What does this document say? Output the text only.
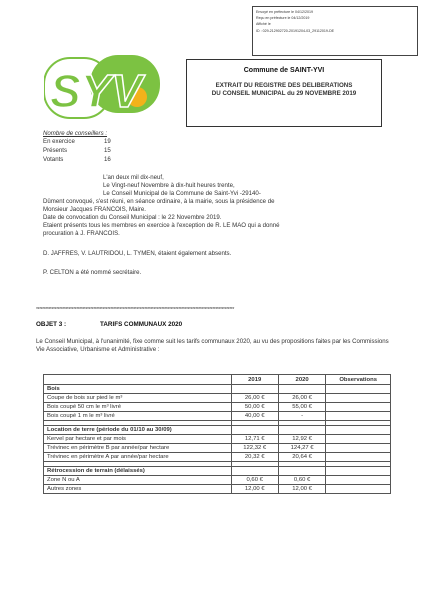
Envoyé en préfecture le 04/12/2019
Reçu en préfecture le 04/12/2019
Affiché le
ID : 029-212902720-20191204-03_29112019-DE
SYV	Commune de SAINT-YVI
EXTRAIT DU REGISTRE DES DELIBERATIONS
DU CONSEIL MUNICIPAL du 29 NOVEMBRE 2019
Nombre de conseillers :
En exercice	19
Présents	15
Votants	16
L'an deux mil dix-neuf,
Le Vingt-neuf Novembre à dix-huit heures trente,
Le Conseil Municipal de la Commune de Saint-Yvi -29140-
Dûment convoqué, s'est réuni, en séance ordinaire, à la mairie, sous la présidence de
Monsieur Jacques FRANCOIS, Maire.
Date de convocation du Conseil Municipal : le 22 Novembre 2019.
Etaient présents tous les membres en exercice à l'exception de R. LE MAO qui a donné
procuration à J. FRANCOIS.
D. JAFFRES, V. LAUTRIDOU, L. TYMEN, étaient également absents.
P. CELTON a été nommé secrétaire.
********************************************************************************************************************************
OBJET 3 :	TARIFS COMMUNAUX 2020
Le Conseil Municipal, à l'unanimité, fixe comme suit les tarifs communaux 2020, au vu des propositions faites par les Commissions Vie Associative, Urbanisme et Administrative :
	2019	2020	Observations
Bois			
Coupe de bois sur pied le m³	26,00 €	26,00 €	
Bois coupé 50 cm le m³ livré	50,00 €	55,00 €	
Bois coupé 1 m le m³ livré	40,00 €	-	

Location de terre (période du 01/10 au 30/09)			
Kervel par hectare et par mois	12,71 €	12,92 €	
Trévinec en périmètre B par année/par hectare	122,32 €	124,27 €	
Trévinec en périmètre A par année/par hectare	20,32 €	20,64 €	

Rétrocession de terrain (délaissés)			
Zone N ou A	0,60 €	0,60 €	
Autres zones	12,00 €	12,00 €	
